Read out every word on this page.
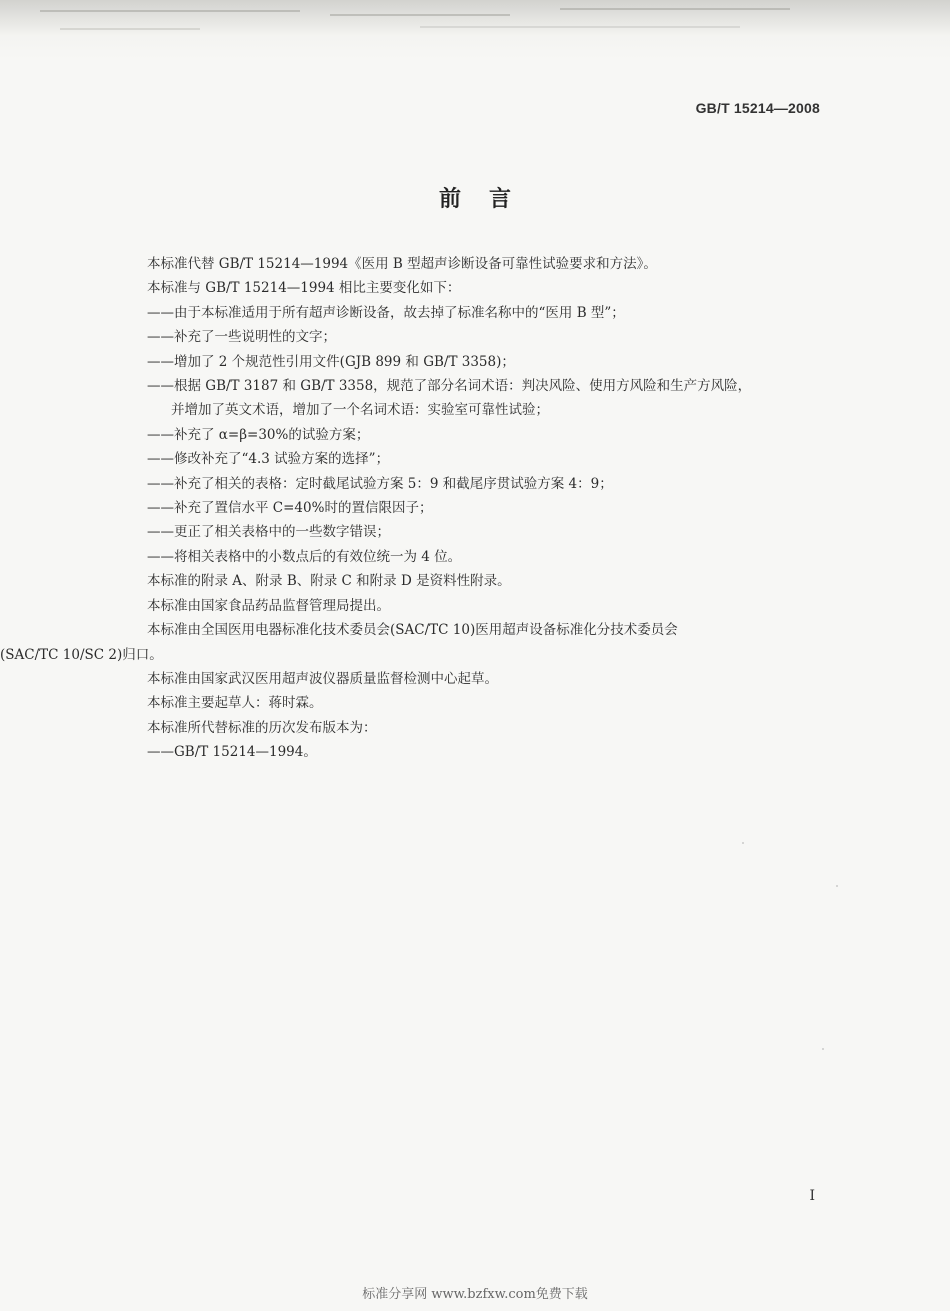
GB/T 15214—2008
前言
本标准代替 GB/T 15214—1994《医用 B 型超声诊断设备可靠性试验要求和方法》。
本标准与 GB/T 15214—1994 相比主要变化如下：
——由于本标准适用于所有超声诊断设备，故去掉了标准名称中的“医用 B 型”；
——补充了一些说明性的文字；
——增加了 2 个规范性引用文件(GJB 899 和 GB/T 3358)；
——根据 GB/T 3187 和 GB/T 3358，规范了部分名词术语：判决风险、使用方风险和生产方风险，
并增加了英文术语，增加了一个名词术语：实验室可靠性试验；
——补充了 α=β=30%的试验方案；
——修改补充了“4.3 试验方案的选择”；
——补充了相关的表格：定时截尾试验方案 5：9 和截尾序贯试验方案 4：9；
——补充了置信水平 C=40%时的置信限因子；
——更正了相关表格中的一些数字错误；
——将相关表格中的小数点后的有效位统一为 4 位。
本标准的附录 A、附录 B、附录 C 和附录 D 是资料性附录。
本标准由国家食品药品监督管理局提出。
本标准由全国医用电器标准化技术委员会(SAC/TC 10)医用超声设备标准化分技术委员会
(SAC/TC 10/SC 2)归口。
本标准由国家武汉医用超声波仪器质量监督检测中心起草。
本标准主要起草人：蒋时霖。
本标准所代替标准的历次发布版本为：
——GB/T 15214—1994。
I
标准分享网 www.bzfxw.com免费下载
